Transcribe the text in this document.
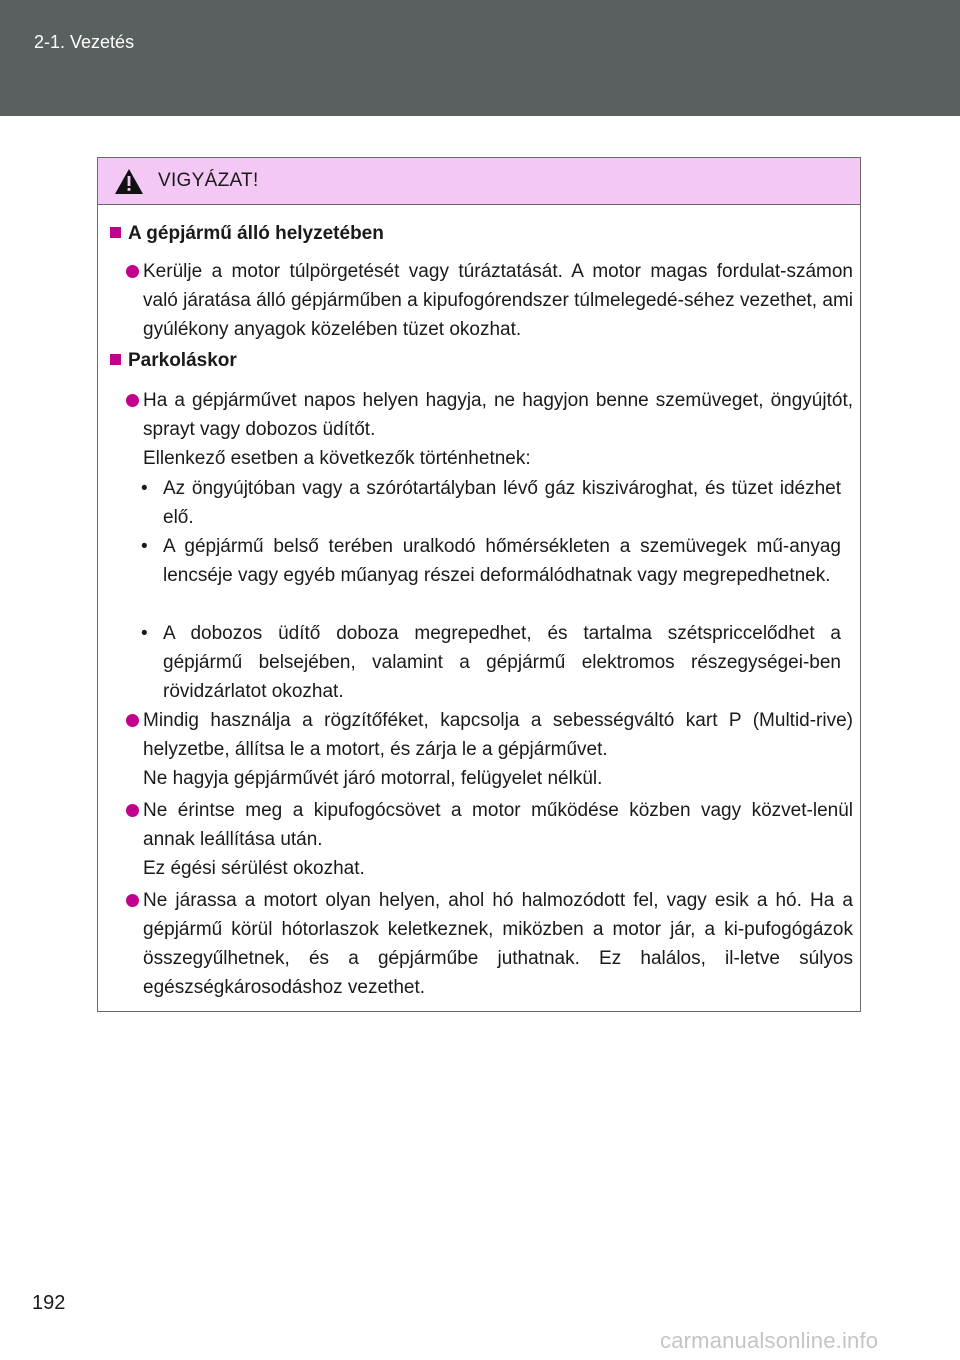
2-1. Vezetés
VIGYÁZAT!
A gépjármű álló helyzetében
Kerülje a motor túlpörgetését vagy túráztatását. A motor magas fordulat-számon való járatása álló gépjárműben a kipufogórendszer túlmelegedé-séhez vezethet, ami gyúlékony anyagok közelében tüzet okozhat.
Parkoláskor
Ha a gépjárművet napos helyen hagyja, ne hagyjon benne szemüveget, öngyújtót, sprayt vagy dobozos üdítőt.
Ellenkező esetben a következők történhetnek:
• Az öngyújtóban vagy a szórótartályban lévő gáz kiszivároghat, és tüzet idézhet elő.
• A gépjármű belső terében uralkodó hőmérsékleten a szemüvegek mű-anyag lencséje vagy egyéb műanyag részei deformálódhatnak vagy megrepedhetnek.
• A dobozos üdítő doboza megrepedhet, és tartalma szétspriccelődhet a gépjármű belsejében, valamint a gépjármű elektromos részegységei-ben rövidzárlatot okozhat.
Mindig használja a rögzítőféket, kapcsolja a sebességváltó kart P (Multid-rive) helyzetbe, állítsa le a motort, és zárja le a gépjárművet.
Ne hagyja gépjárművét járó motorral, felügyelet nélkül.
Ne érintse meg a kipufogócsövet a motor működése közben vagy közvet-lenül annak leállítása után.
Ez égési sérülést okozhat.
Ne járassa a motort olyan helyen, ahol hó halmozódott fel, vagy esik a hó. Ha a gépjármű körül hótorlaszok keletkeznek, miközben a motor jár, a ki-pufogógázok összegyűlhetnek, és a gépjárműbe juthatnak. Ez halálos, il-letve súlyos egészségkárosodáshoz vezethet.
192
carmanualsonline.info
